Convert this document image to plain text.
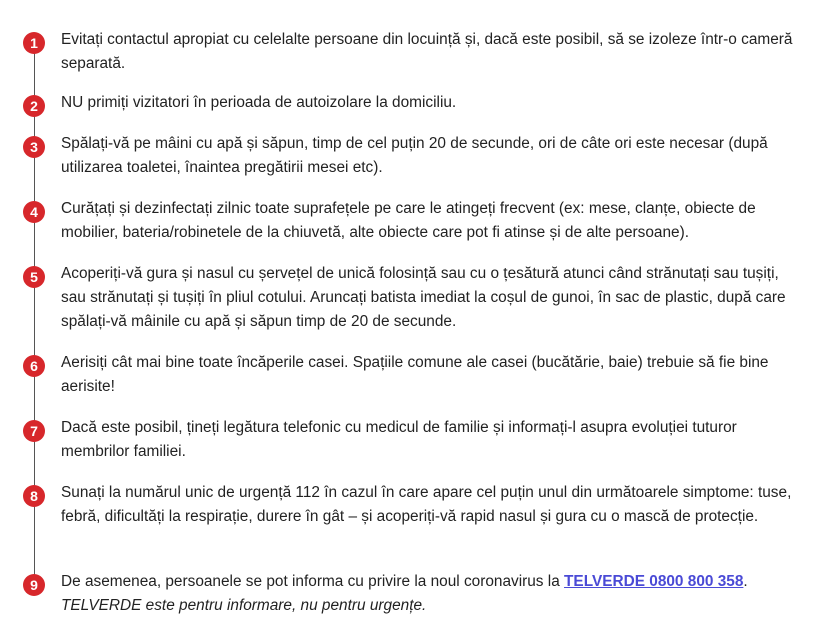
1	Evitați contactul apropiat cu celelalte persoane din locuință și, dacă este posibil, să se izoleze într-o cameră separată.
2	NU primiți vizitatori în perioada de autoizolare la domiciliu.
3	Spălați-vă pe mâini cu apă și săpun, timp de cel puțin 20 de secunde, ori de câte ori este necesar (după utilizarea toaletei, înaintea pregătirii mesei etc).
4	Curățați și dezinfectați zilnic toate suprafețele pe care le atingeți frecvent (ex: mese, clanțe, obiecte de mobilier, bateria/robinetele de la chiuvetă, alte obiecte care pot fi atinse și de alte persoane).
5	Acoperiți-vă gura și nasul cu șervețel de unică folosință sau cu o țesătură atunci când strănutați sau tușiți, sau strănutați și tușiți în pliul cotului. Aruncați batista imediat la coșul de gunoi, în sac de plastic, după care spălați-vă mâinile cu apă și săpun timp de 20 de secunde.
6	Aerisiți cât mai bine toate încăperile casei. Spațiile comune ale casei (bucătărie, baie) trebuie să fie bine aerisite!
7	Dacă este posibil, țineți legătura telefonic cu medicul de familie și informați-l asupra evoluției tuturor membrilor familiei.
8	Sunați la numărul unic de urgență 112 în cazul în care apare cel puțin unul din următoarele simptome: tuse, febră, dificultăți la respirație, durere în gât – și acoperiți-vă rapid nasul și gura cu o mască de protecție.
9	De asemenea, persoanele se pot informa cu privire la noul coronavirus la TELVERDE 0800 800 358.
TELVERDE este pentru informare, nu pentru urgențe.
